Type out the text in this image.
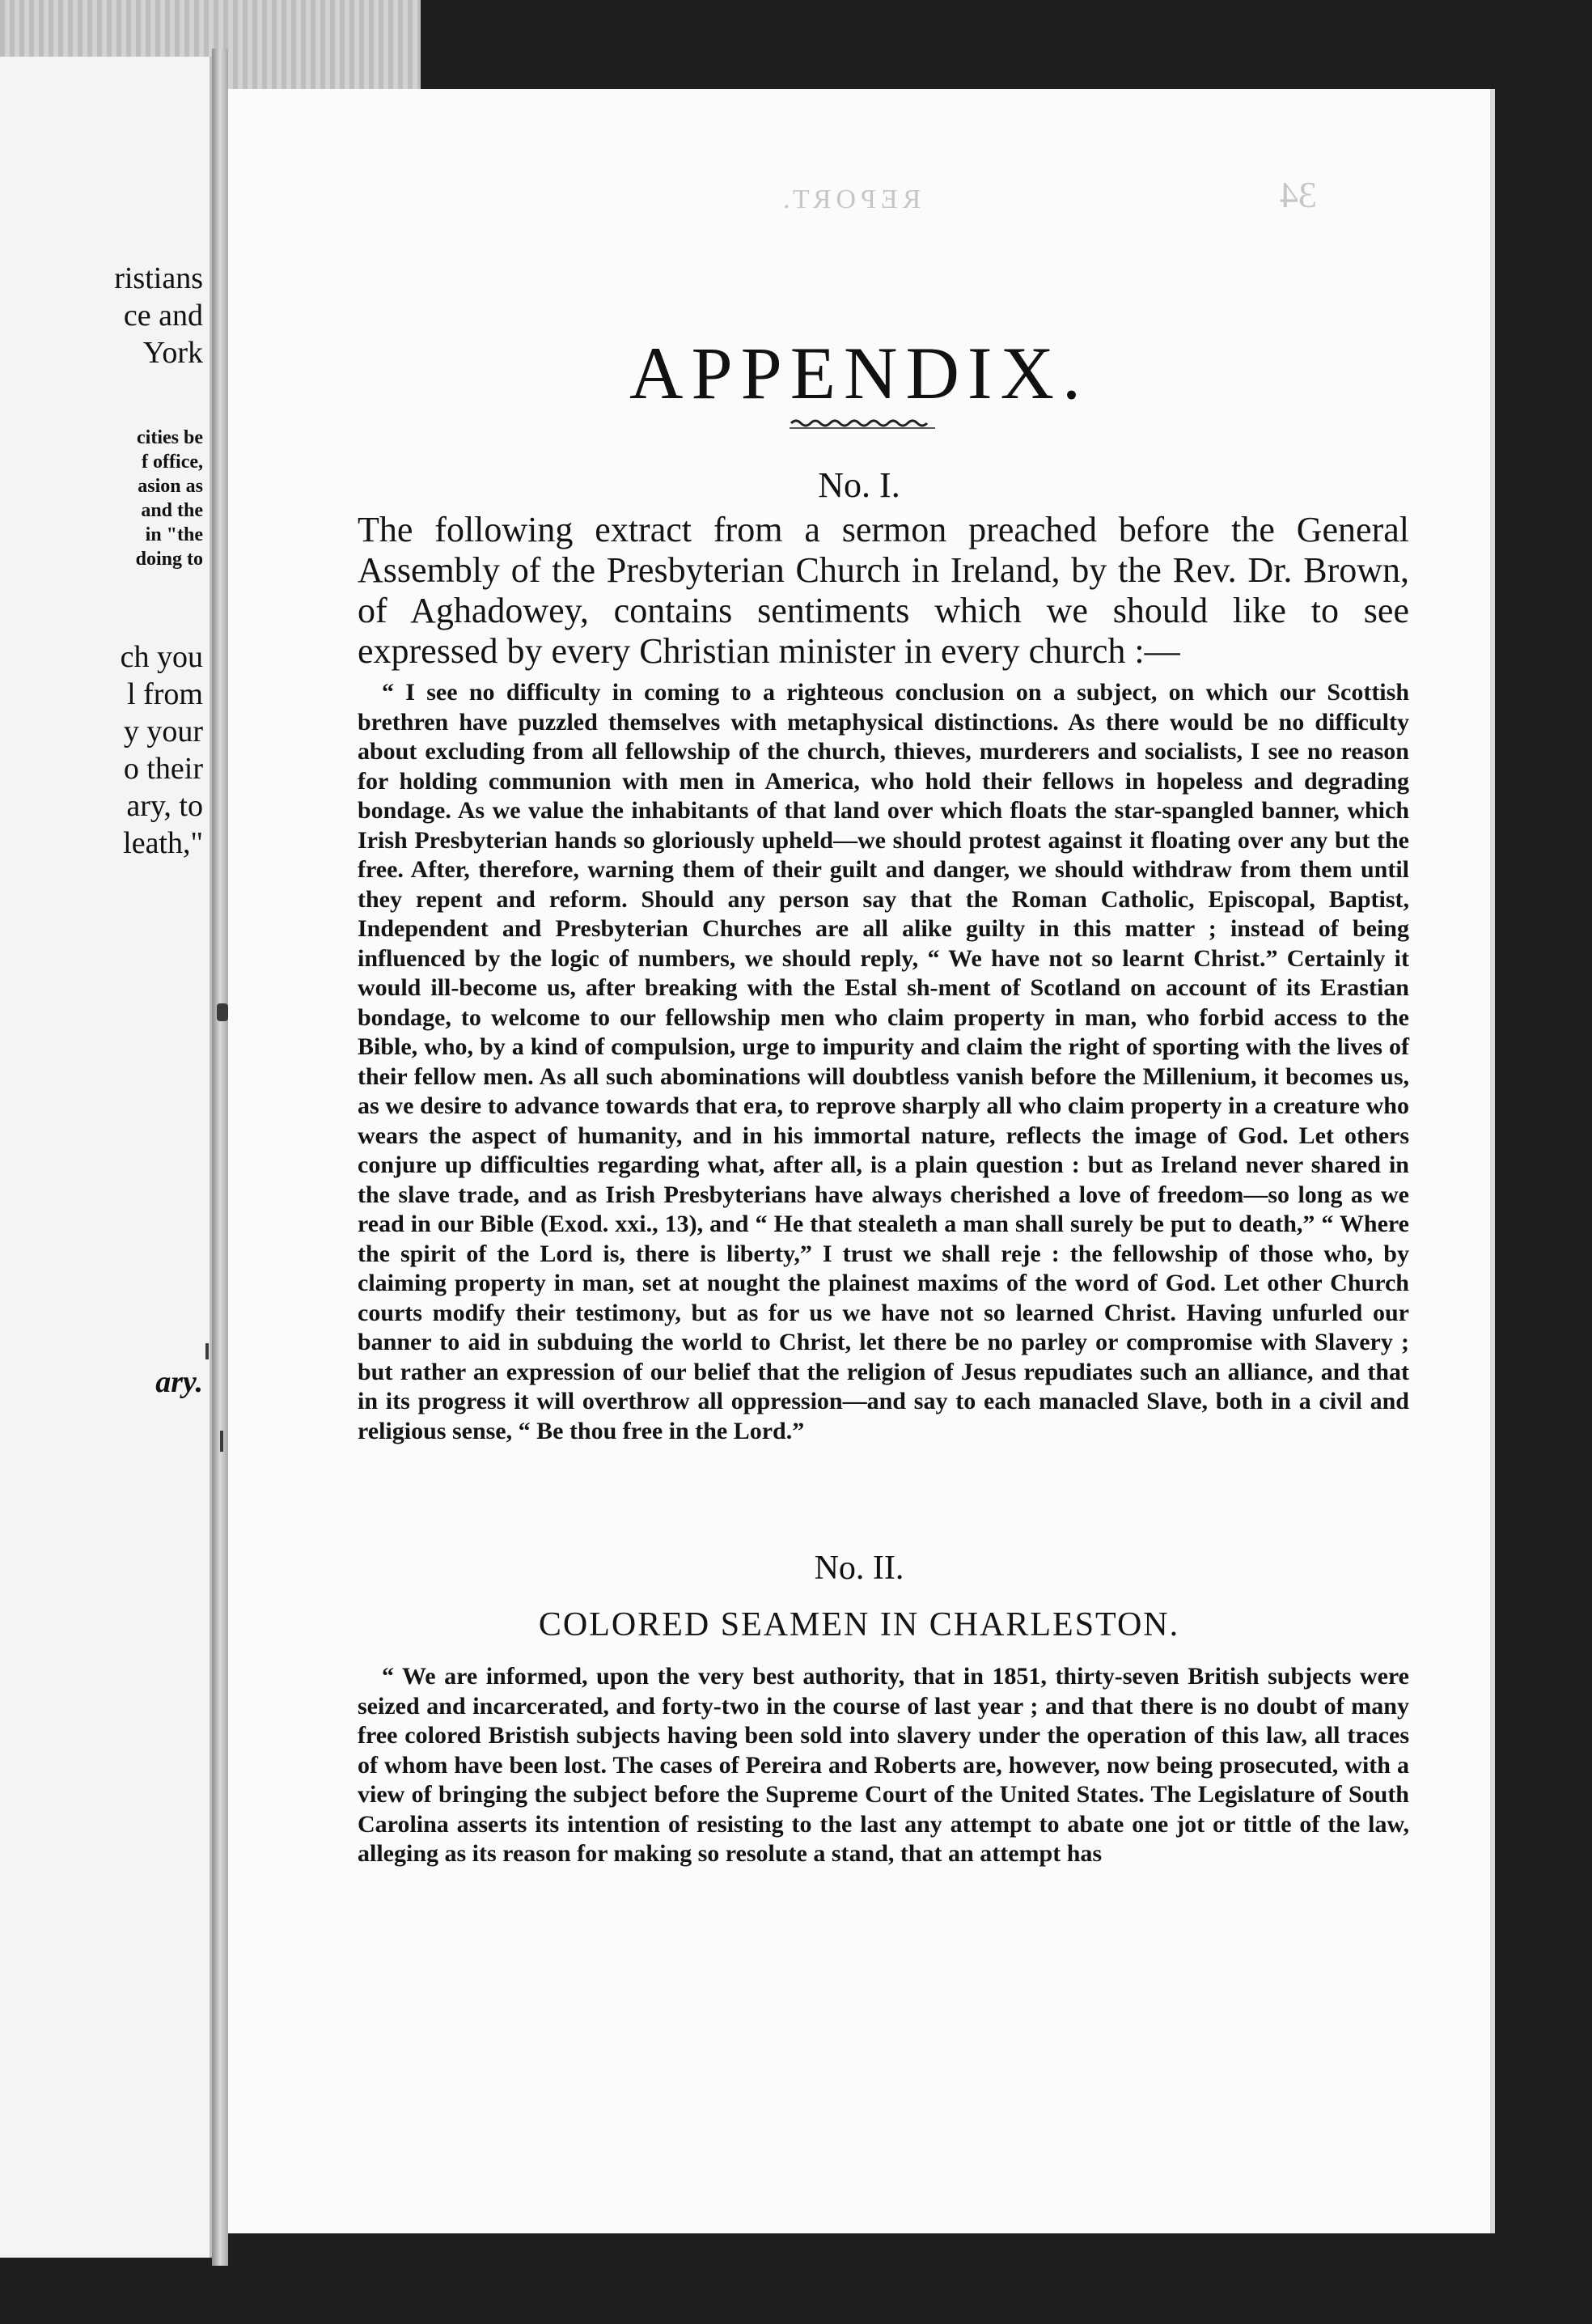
ristians
ce and
York
cities be
f office,
asion as
and the
in "the
doing to
ch you
l from
y your
o their
ary, to
leath,"
ary.
REPORT.	34
APPENDIX.
No. I.
The following extract from a sermon preached before the General Assembly of the Presbyterian Church in Ireland, by the Rev. Dr. Brown, of Aghadowey, contains sentiments which we should like to see expressed by every Christian minister in every church :—
“ I see no difficulty in coming to a righteous conclusion on a subject, on which our Scottish brethren have puzzled themselves with metaphysical distinctions. As there would be no difficulty about excluding from all fellowship of the church, thieves, murderers and socialists, I see no reason for holding communion with men in America, who hold their fellows in hopeless and degrading bondage. As we value the inhabitants of that land over which floats the star-spangled banner, which Irish Presbyterian hands so gloriously upheld—we should protest against it floating over any but the free. After, therefore, warning them of their guilt and danger, we should withdraw from them until they repent and reform. Should any person say that the Roman Catholic, Episcopal, Baptist, Independent and Presbyterian Churches are all alike guilty in this matter ; instead of being influenced by the logic of numbers, we should reply, “ We have not so learnt Christ.” Certainly it would ill-become us, after breaking with the Estal sh-ment of Scotland on account of its Erastian bondage, to welcome to our fellowship men who claim property in man, who forbid access to the Bible, who, by a kind of compulsion, urge to impurity and claim the right of sporting with the lives of their fellow men. As all such abominations will doubtless vanish before the Millenium, it becomes us, as we desire to advance towards that era, to reprove sharply all who claim property in a creature who wears the aspect of humanity, and in his immortal nature, reflects the image of God. Let others conjure up difficulties regarding what, after all, is a plain question : but as Ireland never shared in the slave trade, and as Irish Presbyterians have always cherished a love of freedom—so long as we read in our Bible (Exod. xxi., 13), and “ He that stealeth a man shall surely be put to death,” “ Where the spirit of the Lord is, there is liberty,” I trust we shall reje : the fellowship of those who, by claiming property in man, set at nought the plainest maxims of the word of God. Let other Church courts modify their testimony, but as for us we have not so learned Christ. Having unfurled our banner to aid in subduing the world to Christ, let there be no parley or compromise with Slavery ; but rather an expression of our belief that the religion of Jesus repudiates such an alliance, and that in its progress it will overthrow all oppression—and say to each manacled Slave, both in a civil and religious sense, “ Be thou free in the Lord.”
No. II.
COLORED SEAMEN IN CHARLESTON.
“ We are informed, upon the very best authority, that in 1851, thirty-seven British subjects were seized and incarcerated, and forty-two in the course of last year ; and that there is no doubt of many free colored Bristish subjects having been sold into slavery under the operation of this law, all traces of whom have been lost. The cases of Pereira and Roberts are, however, now being prosecuted, with a view of bringing the subject before the Supreme Court of the United States. The Legislature of South Carolina asserts its intention of resisting to the last any attempt to abate one jot or tittle of the law, alleging as its reason for making so resolute a stand, that an attempt has
